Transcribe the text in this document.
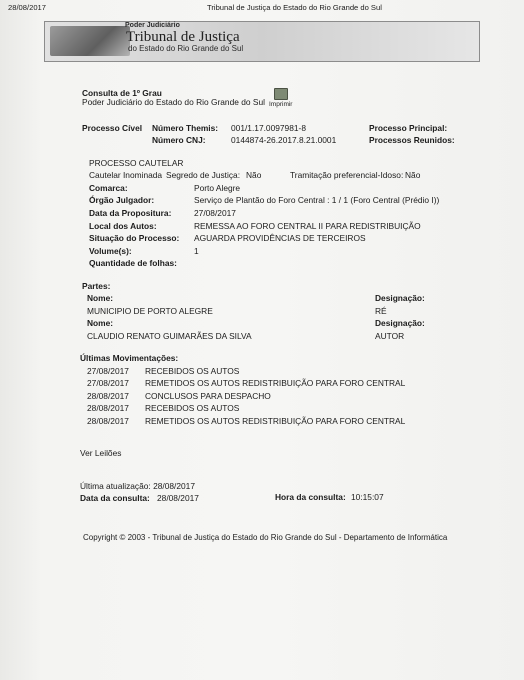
28/08/2017	Tribunal de Justiça do Estado do Rio Grande do Sul
Poder Judiciário
Tribunal de Justiça
do Estado do Rio Grande do Sul
Consulta de 1º Grau
Poder Judiciário do Estado do Rio Grande do Sul Imprimir
Processo Cível Número Themis: 001/1.17.0097981-8
Número CNJ:	0144874-26.2017.8.21.0001
Processo Principal:
Processos Reunidos:
PROCESSO CAUTELAR
Cautelar Inominada Segredo de Justiça: Não	Tramitação preferencial-Idoso: Não
Comarca:	Porto Alegre
Órgão Julgador:	Serviço de Plantão do Foro Central : 1 / 1 (Foro Central (Prédio I))
Data da Propositura:	27/08/2017
Local dos Autos:	REMESSA AO FORO CENTRAL II PARA REDISTRIBUIÇÃO
Situação do Processo: AGUARDA PROVIDÊNCIAS DE TERCEIROS
Volume(s):	1
Quantidade de folhas:
Partes:
Nome:	Designação:
MUNICIPIO DE PORTO ALEGRE	RÉ
Nome:	Designação:
CLAUDIO RENATO GUIMARÃES DA SILVA	AUTOR
Últimas Movimentações:
27/08/2017 RECEBIDOS OS AUTOS
27/08/2017 REMETIDOS OS AUTOS REDISTRIBUIÇÃO PARA FORO CENTRAL
28/08/2017 CONCLUSOS PARA DESPACHO
28/08/2017 RECEBIDOS OS AUTOS
28/08/2017 REMETIDOS OS AUTOS REDISTRIBUIÇÃO PARA FORO CENTRAL
Ver Leilões
Última atualização: 28/08/2017
Data da consulta: 28/08/2017	Hora da consulta: 10:15:07
Copyright © 2003 - Tribunal de Justiça do Estado do Rio Grande do Sul - Departamento de Informática
